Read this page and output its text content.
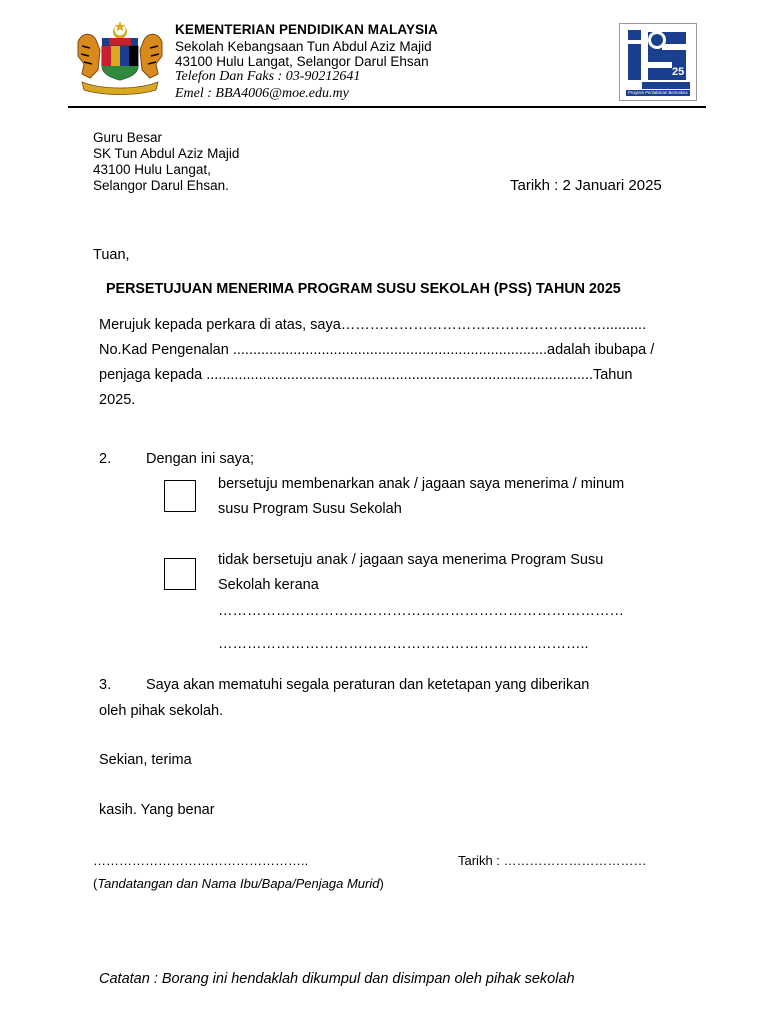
KEMENTERIAN PENDIDIKAN MALAYSIA
Sekolah Kebangsaan Tun Abdul Aziz Majid
43100 Hulu Langat, Selangor Darul Ehsan
Telefon Dan Faks : 03-90212641
Emel : BBA4006@moe.edu.my
25
Program Pentaksiran Bermakna
Guru Besar
SK Tun Abdul Aziz Majid
43100 Hulu Langat,
Selangor Darul Ehsan.	Tarikh : 2 Januari 2025
Tuan,
PERSETUJUAN MENERIMA PROGRAM SUSU SEKOLAH (PSS) TAHUN 2025
Merujuk kepada perkara di atas, saya………………………………………………...........
No.Kad Pengenalan ..............................................................................adalah ibubapa /
penjaga kepada ................................................................................................Tahun
2025.
2. Dengan ini saya;
bersetuju membenarkan anak / jagaan saya menerima / minum
susu Program Susu Sekolah
tidak bersetuju anak / jagaan saya menerima Program Susu
Sekolah kerana
…………………………………………………………………………
…………………………………………………………………..
3. Saya akan mematuhi segala peraturan dan ketetapan yang diberikan
oleh pihak sekolah.
Sekian, terima
kasih. Yang benar
…………………………………………..	Tarikh : ……………………………
(Tandatangan dan Nama Ibu/Bapa/Penjaga Murid)
Catatan : Borang ini hendaklah dikumpul dan disimpan oleh pihak sekolah
